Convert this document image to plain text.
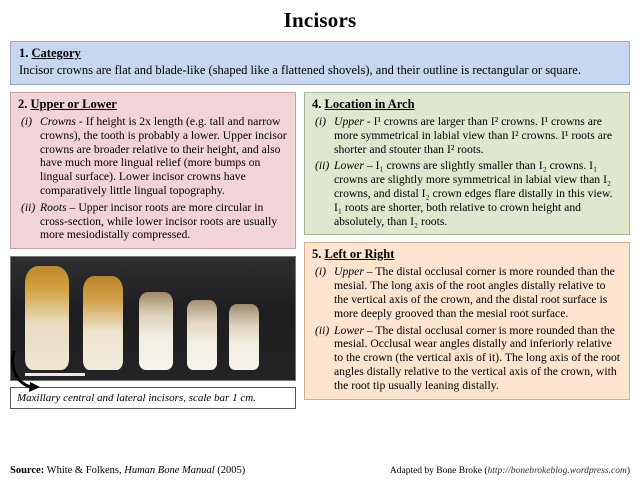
Incisors
1. Category
Incisor crowns are flat and blade-like (shaped like a flattened shovels), and their outline is rectangular or square.
2. Upper or Lower
(i) Crowns - If height is 2x length (e.g. tall and narrow crowns), the tooth is probably a lower. Upper incisor crowns are broader relative to their height, and also have much more lingual relief (more bumps on lingual surface). Lower incisor crowns have comparatively little lingual topography.
(ii) Roots – Upper incisor roots are more circular in cross-section, while lower incisor roots are usually more mesiodistally compressed.
Maxillary central and lateral incisors, scale bar 1 cm.
4. Location in Arch
(i) Upper - I¹ crowns are larger than I² crowns. I¹ crowns are more symmetrical in labial view than I² crowns. I¹ roots are shorter and stouter than I² roots.
(ii) Lower – I₁ crowns are slightly smaller than I₂ crowns. I₁ crowns are slightly more symmetrical in labial view than I₂ crowns, and distal I₂ crown edges flare distally in this view. I₁ roots are shorter, both relative to crown height and absolutely, than I₂ roots.
5. Left or Right
(i) Upper – The distal occlusal corner is more rounded than the mesial. The long axis of the root angles distally relative to the vertical axis of the crown, and the distal root surface is more deeply grooved than the mesial root surface.
(ii) Lower – The distal occlusal corner is more rounded than the mesial. Occlusal wear angles distally and inferiorly relative to the crown (the vertical axis of it). The long axis of the root angles distally relative to the vertical axis of the crown, with the root tip usually leaning distally.
Source: White & Folkens, Human Bone Manual (2005)	Adapted by Bone Broke (http://bonebrokeblog.wordpress.com)
